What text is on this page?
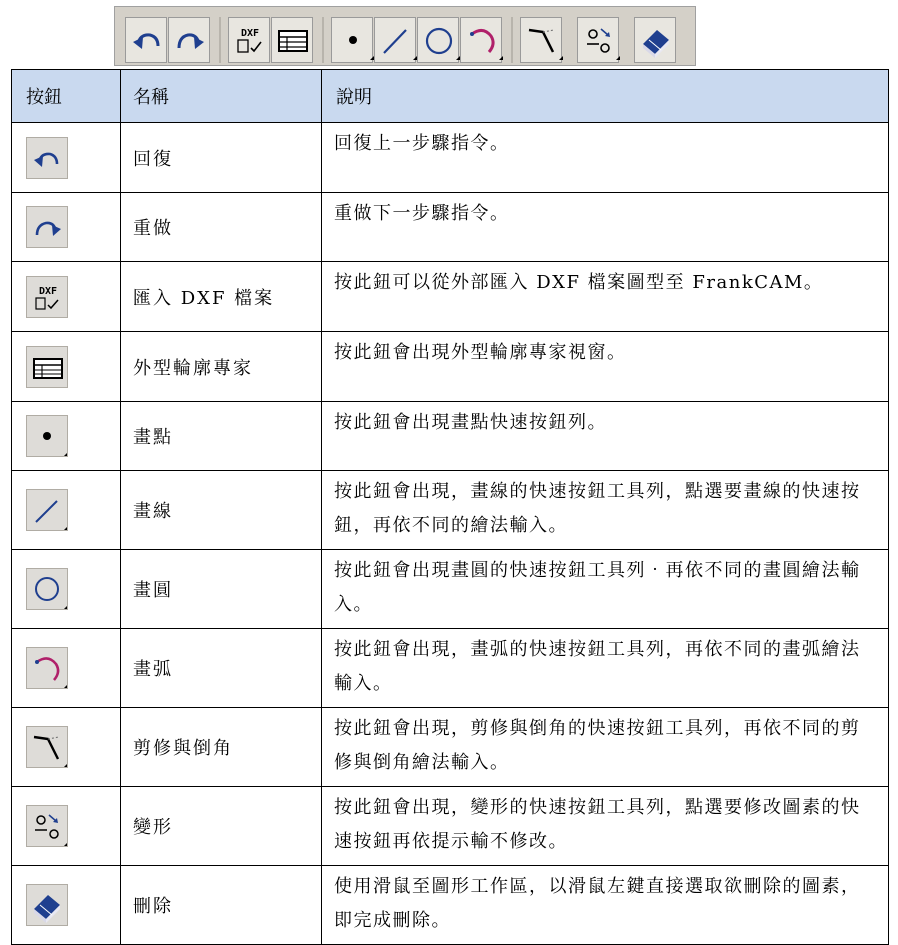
DXF
按鈕	名稱	說明

	回復	回復上一步驟指令。

	重做	重做下一步驟指令。

DXF	匯入 DXF 檔案	按此鈕可以從外部匯入 DXF 檔案圖型至 FrankCAM。

	外型輪廓專家	按此鈕會出現外型輪廓專家視窗。

	畫點	按此鈕會出現畫點快速按鈕列。

	畫線	按此鈕會出現，畫線的快速按鈕工具列，點選要畫線的快速按鈕，再依不同的繪法輸入。

	畫圓	按此鈕會出現畫圓的快速按鈕工具列‧再依不同的畫圓繪法輸入。

	畫弧	按此鈕會出現，畫弧的快速按鈕工具列，再依不同的畫弧繪法輸入。

	剪修與倒角	按此鈕會出現，剪修與倒角的快速按鈕工具列，再依不同的剪修與倒角繪法輸入。

	變形	按此鈕會出現，變形的快速按鈕工具列，點選要修改圖素的快速按鈕再依提示輸不修改。

	刪除	使用滑鼠至圖形工作區，以滑鼠左鍵直接選取欲刪除的圖素，即完成刪除。
